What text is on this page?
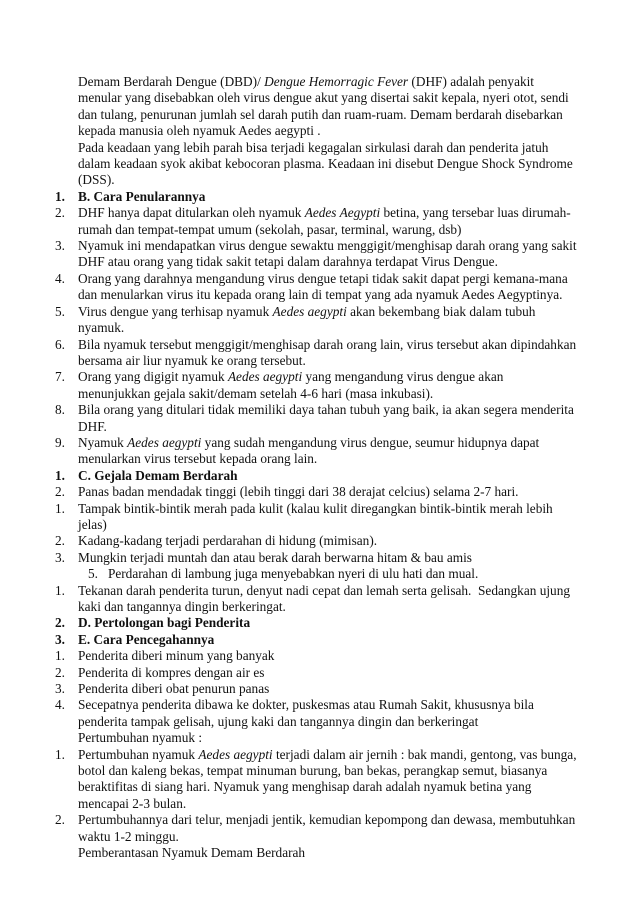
Demam Berdarah Dengue (DBD)/ Dengue Hemorragic Fever (DHF) adalah penyakit
menular yang disebabkan oleh virus dengue akut yang disertai sakit kepala, nyeri otot, sendi
dan tulang, penurunan jumlah sel darah putih dan ruam-ruam. Demam berdarah disebarkan
kepada manusia oleh nyamuk Aedes aegypti .
Pada keadaan yang lebih parah bisa terjadi kegagalan sirkulasi darah dan penderita jatuh
dalam keadaan syok akibat kebocoran plasma. Keadaan ini disebut Dengue Shock Syndrome
(DSS).
1. B. Cara Penularannya
2. DHF hanya dapat ditularkan oleh nyamuk Aedes Aegypti betina, yang tersebar luas dirumah-
rumah dan tempat-tempat umum (sekolah, pasar, terminal, warung, dsb)
3. Nyamuk ini mendapatkan virus dengue sewaktu menggigit/menghisap darah orang yang sakit
DHF atau orang yang tidak sakit tetapi dalam darahnya terdapat Virus Dengue.
4. Orang yang darahnya mengandung virus dengue tetapi tidak sakit dapat pergi kemana-mana
dan menularkan virus itu kepada orang lain di tempat yang ada nyamuk Aedes Aegyptinya.
5. Virus dengue yang terhisap nyamuk Aedes aegypti akan bekembang biak dalam tubuh
nyamuk.
6. Bila nyamuk tersebut menggigit/menghisap darah orang lain, virus tersebut akan dipindahkan
bersama air liur nyamuk ke orang tersebut.
7. Orang yang digigit nyamuk Aedes aegypti yang mengandung virus dengue akan
menunjukkan gejala sakit/demam setelah 4-6 hari (masa inkubasi).
8. Bila orang yang ditulari tidak memiliki daya tahan tubuh yang baik, ia akan segera menderita
DHF.
9. Nyamuk Aedes aegypti yang sudah mengandung virus dengue, seumur hidupnya dapat
menularkan virus tersebut kepada orang lain.
1. C. Gejala Demam Berdarah
2. Panas badan mendadak tinggi (lebih tinggi dari 38 derajat celcius) selama 2-7 hari.
1. Tampak bintik-bintik merah pada kulit (kalau kulit diregangkan bintik-bintik merah lebih
jelas)
2. Kadang-kadang terjadi perdarahan di hidung (mimisan).
3. Mungkin terjadi muntah dan atau berak darah berwarna hitam & bau amis
5.   Perdarahan di lambung juga menyebabkan nyeri di ulu hati dan mual.
1. Tekanan darah penderita turun, denyut nadi cepat dan lemah serta gelisah.  Sedangkan ujung
kaki dan tangannya dingin berkeringat.
2. D. Pertolongan bagi Penderita
3. E. Cara Pencegahannya
1. Penderita diberi minum yang banyak
2. Penderita di kompres dengan air es
3. Penderita diberi obat penurun panas
4. Secepatnya penderita dibawa ke dokter, puskesmas atau Rumah Sakit, khususnya bila
penderita tampak gelisah, ujung kaki dan tangannya dingin dan berkeringat
Pertumbuhan nyamuk :
1. Pertumbuhan nyamuk Aedes aegypti terjadi dalam air jernih : bak mandi, gentong, vas bunga,
botol dan kaleng bekas, tempat minuman burung, ban bekas, perangkap semut, biasanya
beraktifitas di siang hari. Nyamuk yang menghisap darah adalah nyamuk betina yang
mencapai 2-3 bulan.
2. Pertumbuhannya dari telur, menjadi jentik, kemudian kepompong dan dewasa, membutuhkan
waktu 1-2 minggu.
Pemberantasan Nyamuk Demam Berdarah
